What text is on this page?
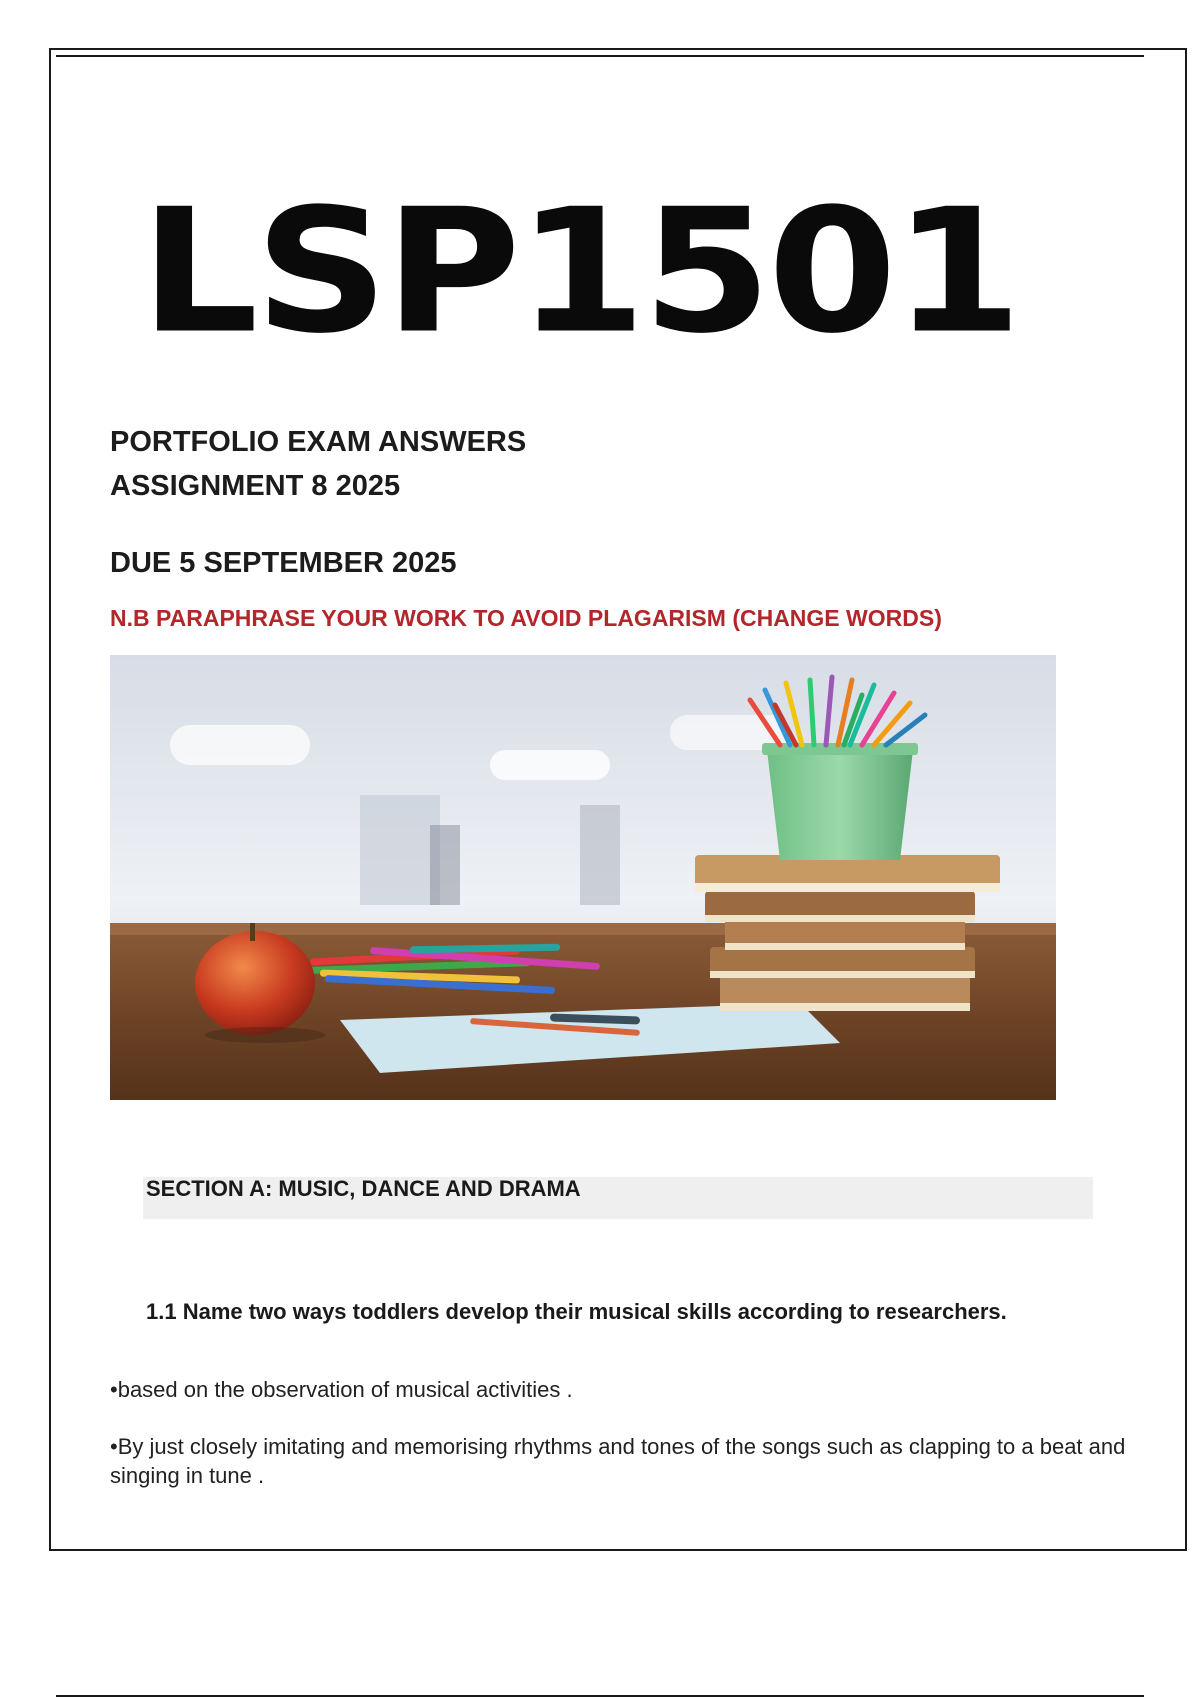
LSP1501
PORTFOLIO EXAM ANSWERS
ASSIGNMENT 8 2025
DUE 5 SEPTEMBER 2025
N.B PARAPHRASE YOUR WORK TO AVOID PLAGARISM (CHANGE WORDS)
SECTION A: MUSIC, DANCE AND DRAMA
1.1 Name two ways toddlers develop their musical skills according to researchers.
•based on the observation of musical activities .
•By just closely imitating and memorising rhythms and tones of the songs such as clapping to a beat and singing in tune .
